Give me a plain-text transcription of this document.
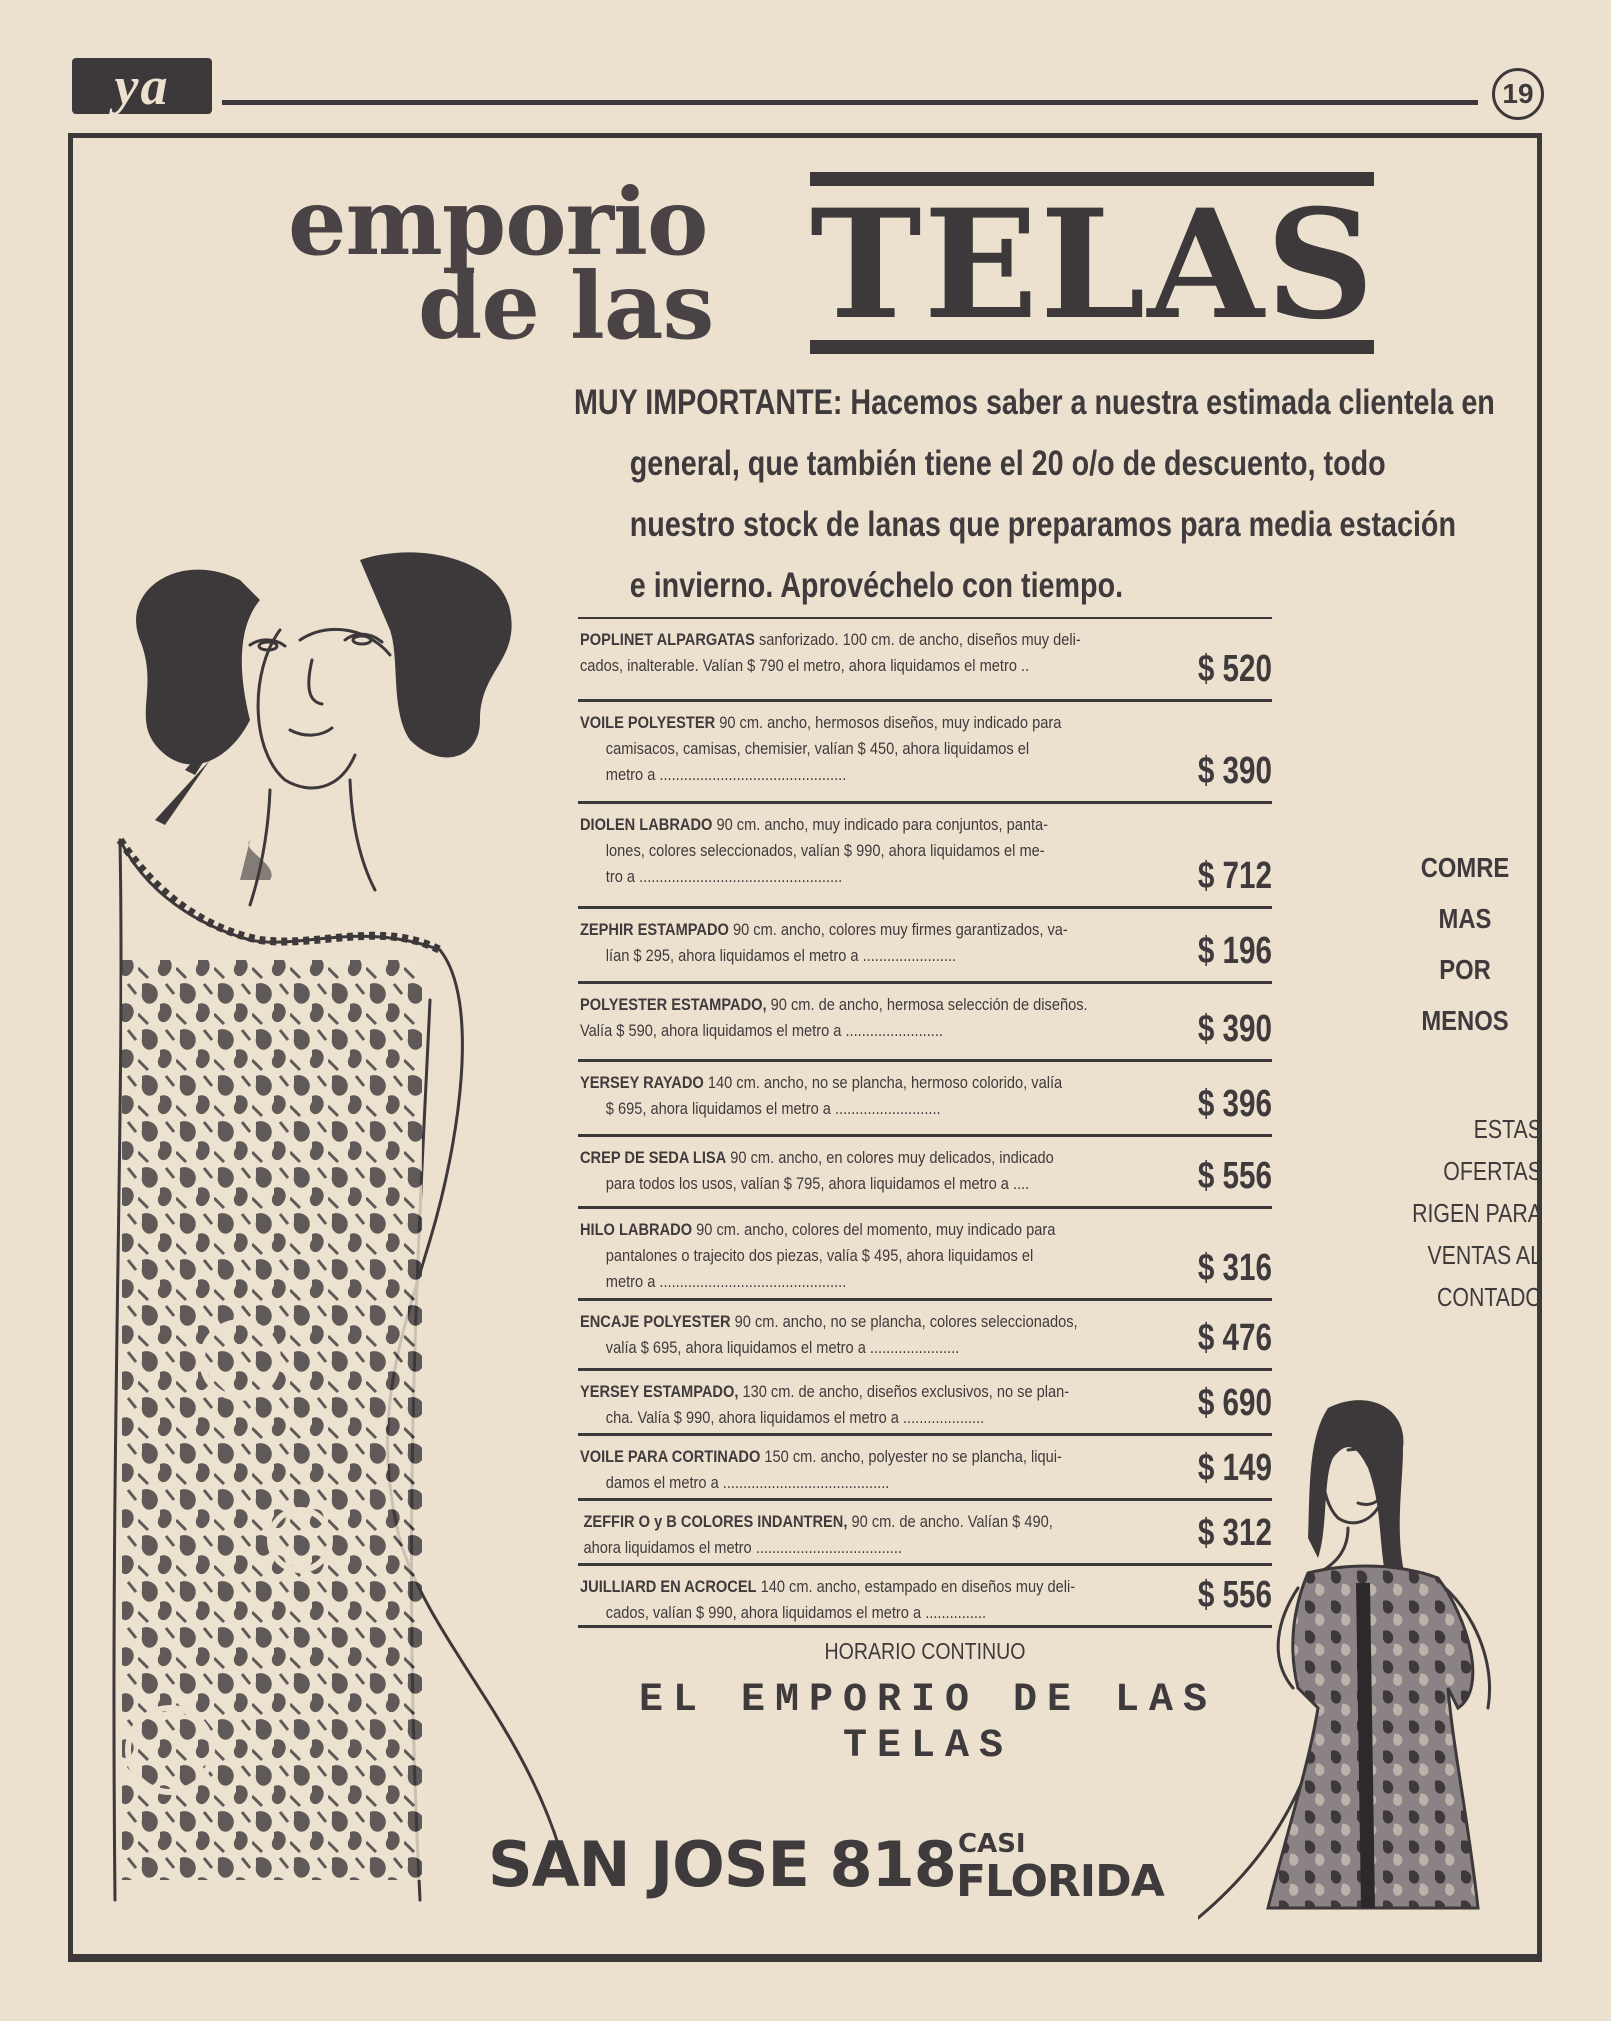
ya	19
emporio
de las TELAS
MUY IMPORTANTE: Hacemos saber a nuestra estimada clientela en
general, que también tiene el 20 o/o de descuento, todo
nuestro stock de lanas que preparamos para media estación
e invierno. Aprovéchelo con tiempo.
POPLINET ALPARGATAS sanforizado. 100 cm. de ancho, diseños muy deli-
cados, inalterable. Valían $ 790 el metro, ahora liquidamos el metro ..	$ 520
VOILE POLYESTER 90 cm. ancho, hermosos diseños, muy indicado para
camisacos, camisas, chemisier, valían $ 450, ahora liquidamos el
metro a ..............................................	$ 390
DIOLEN LABRADO 90 cm. ancho, muy indicado para conjuntos, panta-
lones, colores seleccionados, valían $ 990, ahora liquidamos el me-
tro a ..................................................	$ 712
ZEPHIR ESTAMPADO 90 cm. ancho, colores muy firmes garantizados, va-
lían $ 295, ahora liquidamos el metro a .......................	$ 196
POLYESTER ESTAMPADO, 90 cm. de ancho, hermosa selección de diseños.
Valía $ 590, ahora liquidamos el metro a ........................	$ 390
YERSEY RAYADO 140 cm. ancho, no se plancha, hermoso colorido, valía
$ 695, ahora liquidamos el metro a ..........................	$ 396
CREP DE SEDA LISA 90 cm. ancho, en colores muy delicados, indicado
para todos los usos, valían $ 795, ahora liquidamos el metro a ....	$ 556
HILO LABRADO 90 cm. ancho, colores del momento, muy indicado para
pantalones o trajecito dos piezas, valía $ 495, ahora liquidamos el
metro a ..............................................	$ 316
ENCAJE POLYESTER 90 cm. ancho, no se plancha, colores seleccionados,
valía $ 695, ahora liquidamos el metro a ......................	$ 476
YERSEY ESTAMPADO, 130 cm. de ancho, diseños exclusivos, no se plan-
cha. Valía $ 990, ahora liquidamos el metro a ....................	$ 690
VOILE PARA CORTINADO 150 cm. ancho, polyester no se plancha, liqui-
damos el metro a .........................................	$ 149
ZEFFIR O y B COLORES INDANTREN, 90 cm. de ancho. Valían $ 490,
ahora liquidamos el metro ....................................	$ 312
JUILLIARD EN ACROCEL 140 cm. ancho, estampado en diseños muy deli-
cados, valían $ 990, ahora liquidamos el metro a ...............	$ 556
COMRE
MAS
POR
MENOS
ESTAS OFERTAS
RIGEN PARA
VENTAS AL
CONTADO
HORARIO CONTINUO
EL EMPORIO DE LAS TELAS
SAN JOSE 818 CASI
FLORIDA
